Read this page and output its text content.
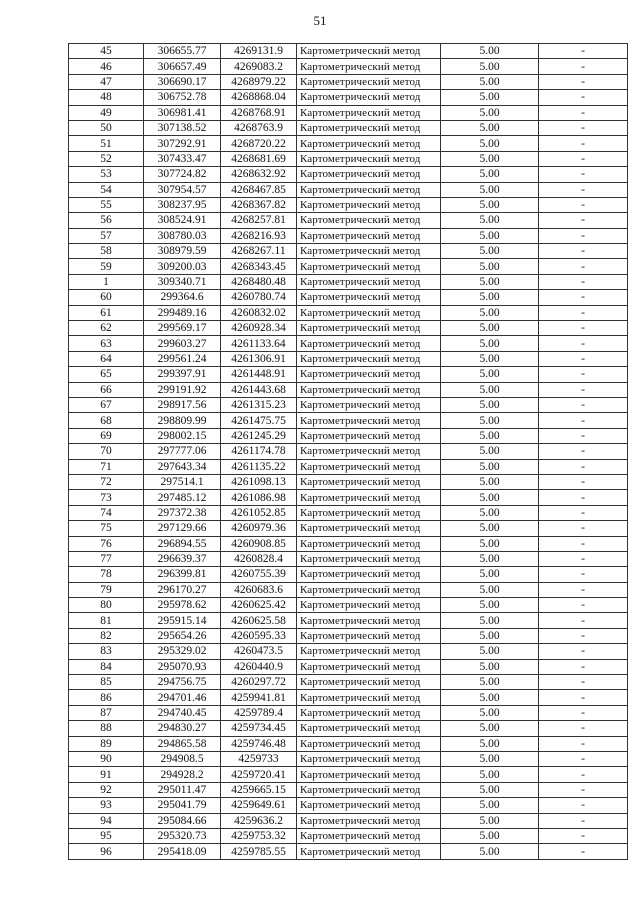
51
45	306655.77	4269131.9	Картометрический метод	5.00	-
46	306657.49	4269083.2	Картометрический метод	5.00	-
47	306690.17	4268979.22	Картометрический метод	5.00	-
48	306752.78	4268868.04	Картометрический метод	5.00	-
49	306981.41	4268768.91	Картометрический метод	5.00	-
50	307138.52	4268763.9	Картометрический метод	5.00	-
51	307292.91	4268720.22	Картометрический метод	5.00	-
52	307433.47	4268681.69	Картометрический метод	5.00	-
53	307724.82	4268632.92	Картометрический метод	5.00	-
54	307954.57	4268467.85	Картометрический метод	5.00	-
55	308237.95	4268367.82	Картометрический метод	5.00	-
56	308524.91	4268257.81	Картометрический метод	5.00	-
57	308780.03	4268216.93	Картометрический метод	5.00	-
58	308979.59	4268267.11	Картометрический метод	5.00	-
59	309200.03	4268343.45	Картометрический метод	5.00	-
1	309340.71	4268480.48	Картометрический метод	5.00	-
60	299364.6	4260780.74	Картометрический метод	5.00	-
61	299489.16	4260832.02	Картометрический метод	5.00	-
62	299569.17	4260928.34	Картометрический метод	5.00	-
63	299603.27	4261133.64	Картометрический метод	5.00	-
64	299561.24	4261306.91	Картометрический метод	5.00	-
65	299397.91	4261448.91	Картометрический метод	5.00	-
66	299191.92	4261443.68	Картометрический метод	5.00	-
67	298917.56	4261315.23	Картометрический метод	5.00	-
68	298809.99	4261475.75	Картометрический метод	5.00	-
69	298002.15	4261245.29	Картометрический метод	5.00	-
70	297777.06	4261174.78	Картометрический метод	5.00	-
71	297643.34	4261135.22	Картометрический метод	5.00	-
72	297514.1	4261098.13	Картометрический метод	5.00	-
73	297485.12	4261086.98	Картометрический метод	5.00	-
74	297372.38	4261052.85	Картометрический метод	5.00	-
75	297129.66	4260979.36	Картометрический метод	5.00	-
76	296894.55	4260908.85	Картометрический метод	5.00	-
77	296639.37	4260828.4	Картометрический метод	5.00	-
78	296399.81	4260755.39	Картометрический метод	5.00	-
79	296170.27	4260683.6	Картометрический метод	5.00	-
80	295978.62	4260625.42	Картометрический метод	5.00	-
81	295915.14	4260625.58	Картометрический метод	5.00	-
82	295654.26	4260595.33	Картометрический метод	5.00	-
83	295329.02	4260473.5	Картометрический метод	5.00	-
84	295070.93	4260440.9	Картометрический метод	5.00	-
85	294756.75	4260297.72	Картометрический метод	5.00	-
86	294701.46	4259941.81	Картометрический метод	5.00	-
87	294740.45	4259789.4	Картометрический метод	5.00	-
88	294830.27	4259734.45	Картометрический метод	5.00	-
89	294865.58	4259746.48	Картометрический метод	5.00	-
90	294908.5	4259733	Картометрический метод	5.00	-
91	294928.2	4259720.41	Картометрический метод	5.00	-
92	295011.47	4259665.15	Картометрический метод	5.00	-
93	295041.79	4259649.61	Картометрический метод	5.00	-
94	295084.66	4259636.2	Картометрический метод	5.00	-
95	295320.73	4259753.32	Картометрический метод	5.00	-
96	295418.09	4259785.55	Картометрический метод	5.00	-
